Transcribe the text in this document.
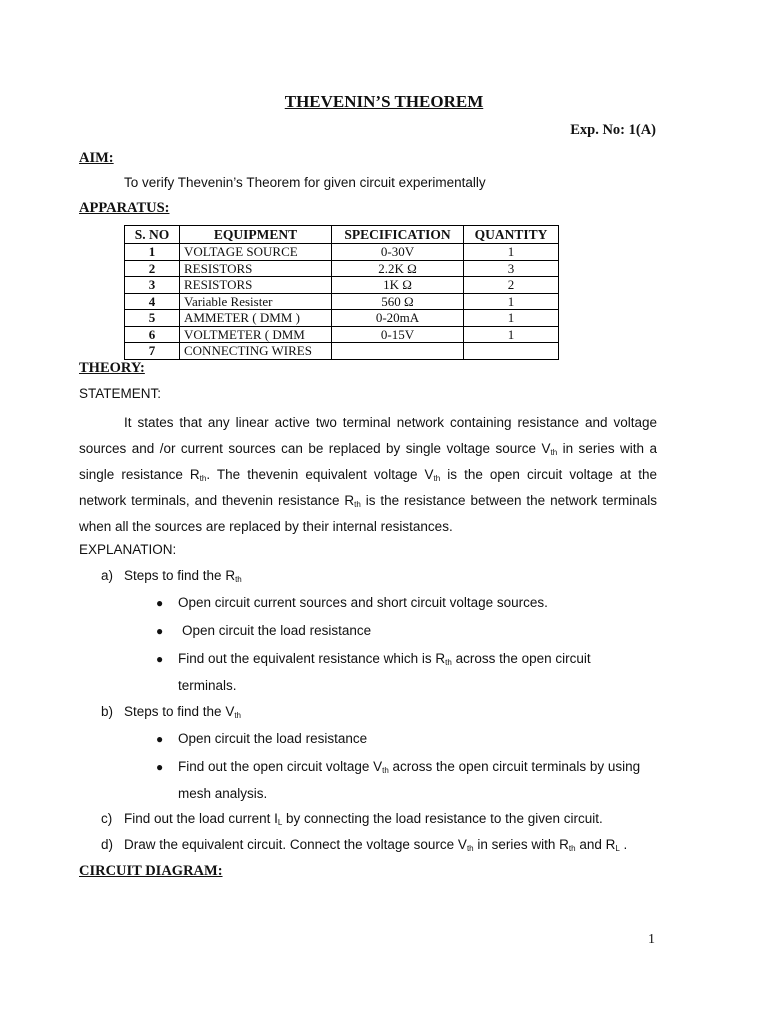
THEVENIN’S THEOREM
Exp. No: 1(A)
AIM:
To verify Thevenin’s Theorem for given circuit experimentally
APPARATUS:
S. NO	EQUIPMENT	SPECIFICATION	QUANTITY
1	VOLTAGE SOURCE	0-30V	1
2	RESISTORS	2.2K Ω	3
3	RESISTORS	1K Ω	2
4	Variable Resister	560 Ω	1
5	AMMETER ( DMM )	0-20mA	1
6	VOLTMETER ( DMM	0-15V	1
7	CONNECTING WIRES		
THEORY:
STATEMENT:
It states that any linear active two terminal network containing resistance and voltage sources and /or current sources can be replaced by single voltage source $V_{th}$ in series with a single resistance $R_{th}$. The thevenin equivalent voltage $V_{th}$ is the open circuit voltage at the network terminals, and thevenin resistance $R_{th}$ is the resistance between the network terminals when all the sources are replaced by their internal resistances.
EXPLANATION:
a) Steps to find the $R_{th}$
● Open circuit current sources and short circuit voltage sources.
● Open circuit the load resistance
● Find out the equivalent resistance which is $R_{th}$ across the open circuit
terminals.
b) Steps to find the $V_{th}$
● Open circuit the load resistance
● Find out the open circuit voltage $V_{th}$ across the open circuit terminals by using
mesh analysis.
c) Find out the load current $I_L$ by connecting the load resistance to the given circuit.
d) Draw the equivalent circuit. Connect the voltage source $V_{th}$ in series with $R_{th}$ and $R_L$ .
CIRCUIT DIAGRAM:
1
